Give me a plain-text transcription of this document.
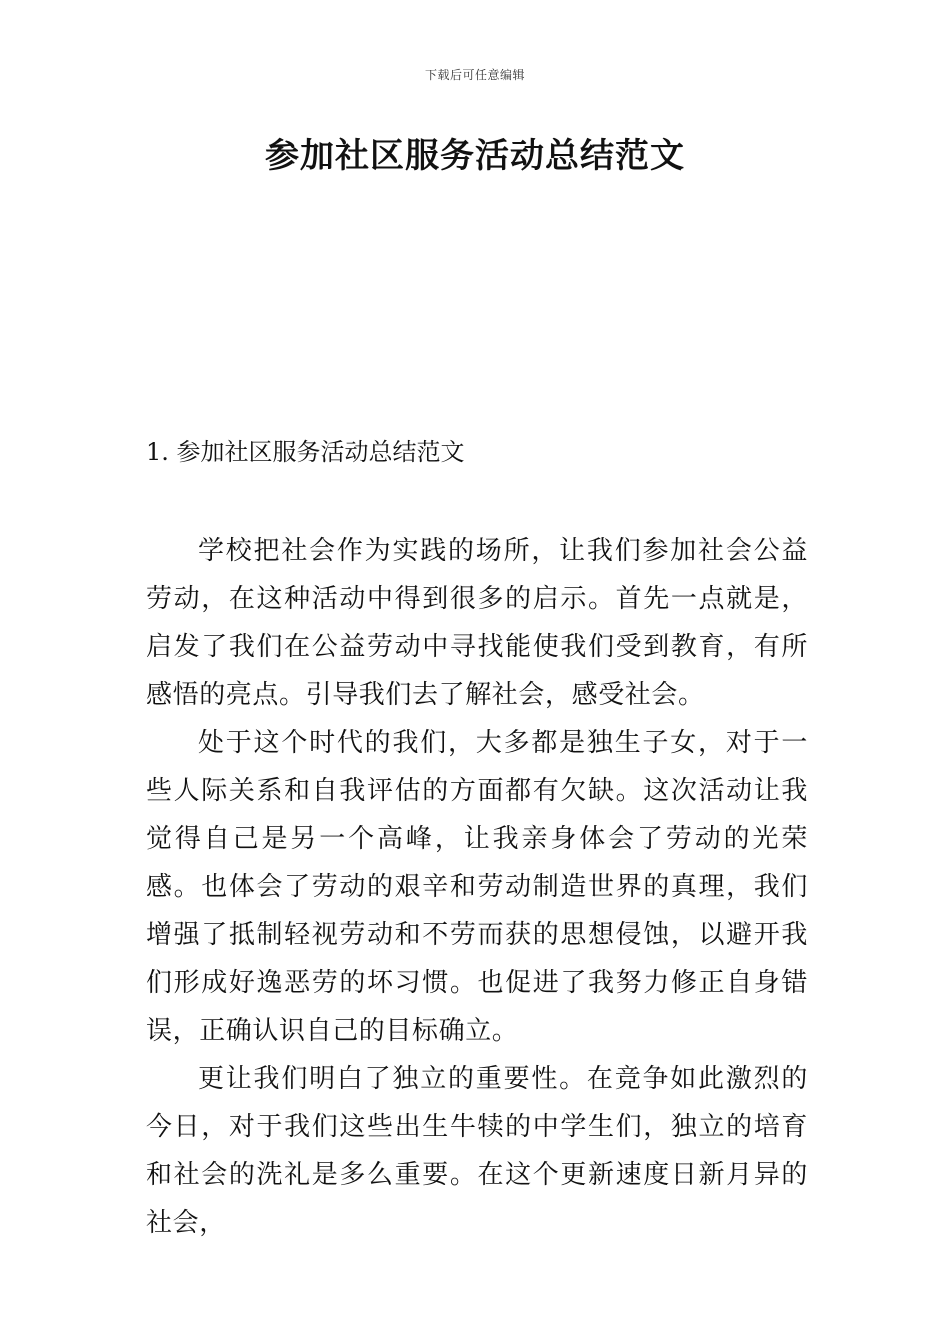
下载后可任意编辑
参加社区服务活动总结范文
1. 参加社区服务活动总结范文

学校把社会作为实践的场所，让我们参加社会公益劳动，在这种活动中得到很多的启示。首先一点就是，启发了我们在公益劳动中寻找能使我们受到教育，有所感悟的亮点。引导我们去了解社会，感受社会。

处于这个时代的我们，大多都是独生子女，对于一些人际关系和自我评估的方面都有欠缺。这次活动让我觉得自己是另一个高峰，让我亲身体会了劳动的光荣感。也体会了劳动的艰辛和劳动制造世界的真理，我们增强了抵制轻视劳动和不劳而获的思想侵蚀，以避开我们形成好逸恶劳的坏习惯。也促进了我努力修正自身错误，正确认识自己的目标确立。

更让我们明白了独立的重要性。在竞争如此激烈的今日，对于我们这些出生牛犊的中学生们，独立的培育和社会的洗礼是多么重要。在这个更新速度日新月异的社会，
